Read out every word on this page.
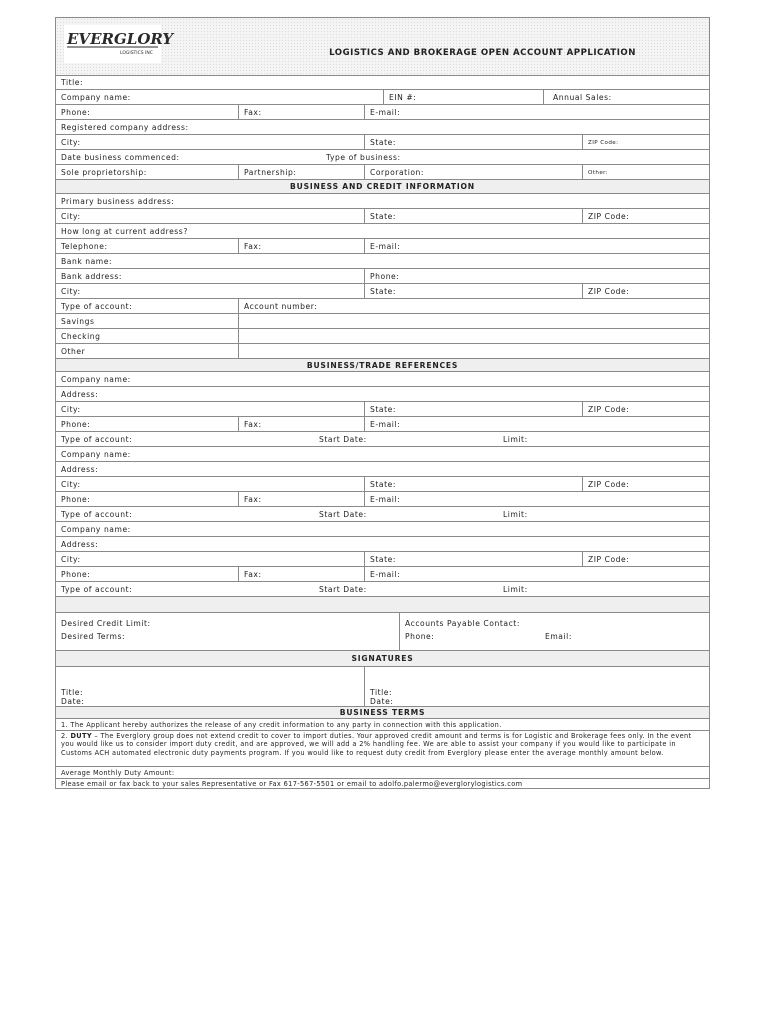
EVERGLORY
LOGISTICS INC	LOGISTICS AND BROKERAGE OPEN ACCOUNT APPLICATION
Title:
Company name:	EIN #:	Annual Sales:
Phone:	Fax:	E-mail:
Registered company address:
City:	State:	ZIP Code:
Date business commenced:	Type of business:
Sole proprietorship:	Partnership:	Corporation:	Other:
BUSINESS AND CREDIT INFORMATION
Primary business address:
City:	State:	ZIP Code:
How long at current address?
Telephone:	Fax:	E-mail:
Bank name:
Bank address:	Phone:
City:	State:	ZIP Code:
Type of account:	Account number:
Savings
Checking
Other
BUSINESS/TRADE REFERENCES
Company name:
Address:
City:	State:	ZIP Code:
Phone:	Fax:	E-mail:
Type of account:	Start Date:	Limit:
Company name:
Address:
City:	State:	ZIP Code:
Phone:	Fax:	E-mail:
Type of account:	Start Date:	Limit:
Company name:
Address:
City:	State:	ZIP Code:
Phone:	Fax:	E-mail:
Type of account:	Start Date:	Limit:
Desired Credit Limit:
Desired Terms:
Accounts Payable Contact:
Phone:	Email:
SIGNATURES
Title:
Date:
Title:
Date:
BUSINESS TERMS
1. The Applicant hereby authorizes the release of any credit information to any party in connection with this application.
2. DUTY – The Everglory group does not extend credit to cover to import duties. Your approved credit amount and terms is for Logistic and Brokerage fees only. In the event you would like us to consider import duty credit, and are approved, we will add a 2% handling fee. We are able to assist your company if you would like to participate in Customs ACH automated electronic duty payments program. If you would like to request duty credit from Everglory please enter the average monthly amount below.
Average Monthly Duty Amount:
Please email or fax back to your sales Representative or Fax 617-567-5501 or email to adolfo.palermo@everglorylogistics.com
